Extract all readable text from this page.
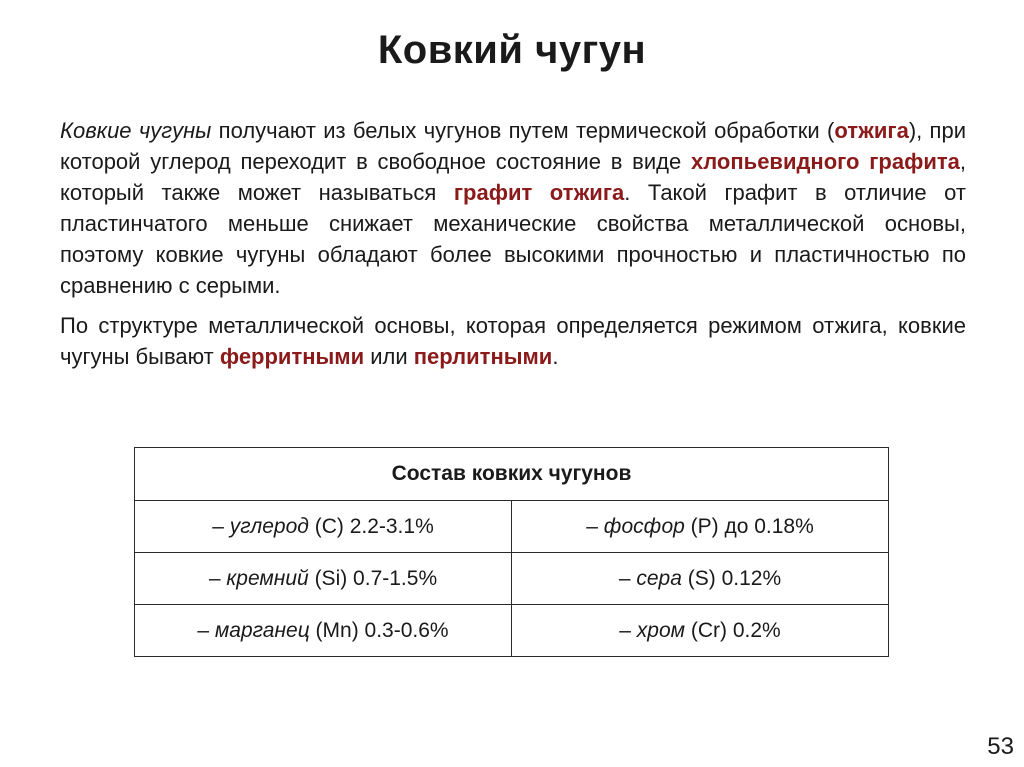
Ковкий чугун

Ковкие чугуны получают из белых чугунов путем термической обработки (отжига), при которой углерод переходит в свободное состояние в виде хлопьевидного графита, который также может называться графит отжига. Такой графит в отличие от пластинчатого меньше снижает механические свойства металлической основы, поэтому ковкие чугуны обладают более высокими прочностью и пластичностью по сравнению с серыми.

По структуре металлической основы, которая определяется режимом отжига, ковкие чугуны бывают ферритными или перлитными.

Состав ковких чугунов	
– углерод (С) 2.2-3.1%	– фосфор (Р) до 0.18%
– кремний (Si) 0.7-1.5%	– сера (S) 0.12%
– марганец (Mn) 0.3-0.6%	– хром (Cr) 0.2%
53
